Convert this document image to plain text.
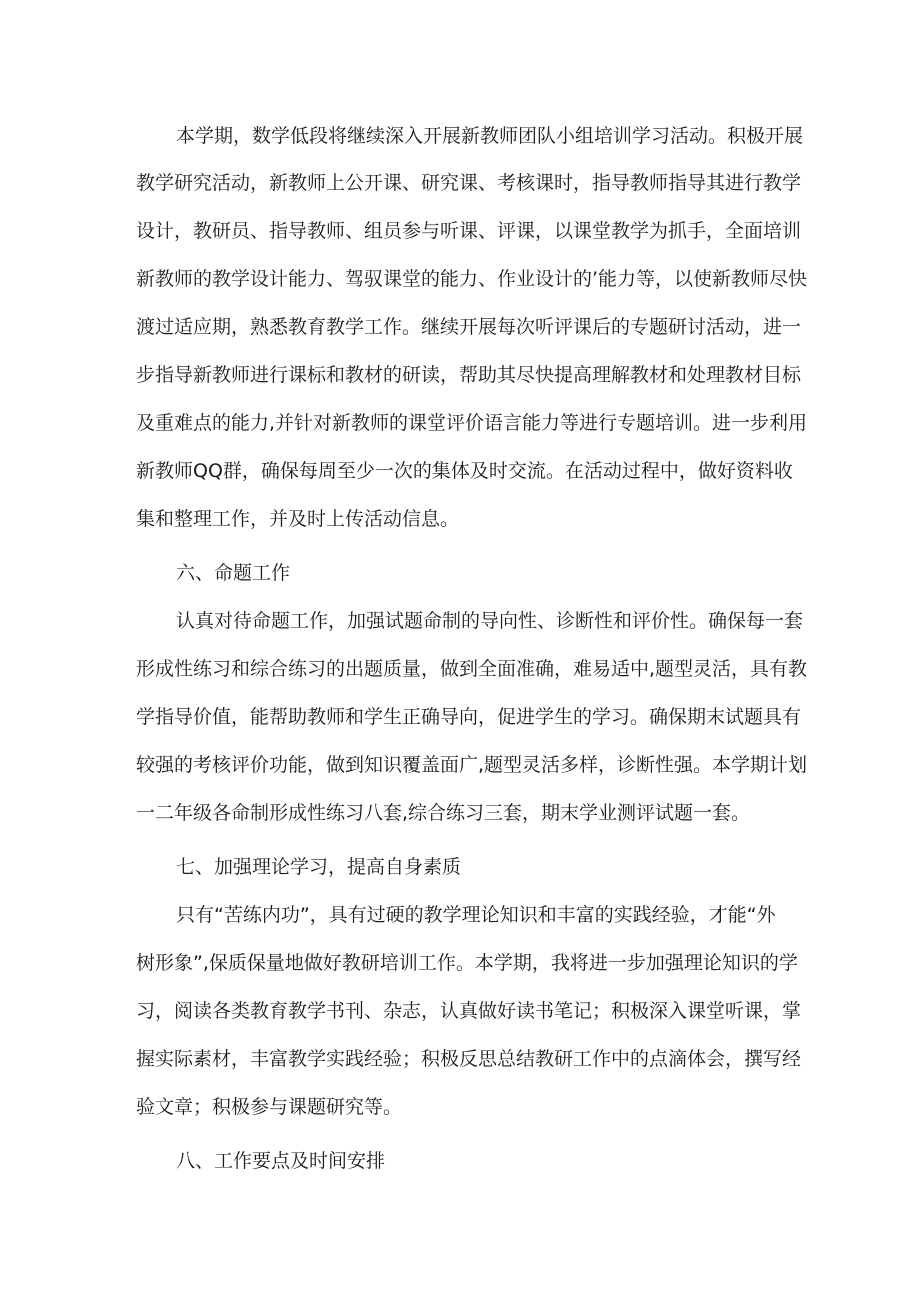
本学期，数学低段将继续深入开展新教师团队小组培训学习活动。积极开展
教学研究活动，新教师上公开课、研究课、考核课时，指导教师指导其进行教学
设计，教研员、指导教师、组员参与听课、评课，以课堂教学为抓手，全面培训
新教师的教学设计能力、驾驭课堂的能力、作业设计的’能力等，以使新教师尽快
渡过适应期，熟悉教育教学工作。继续开展每次听评课后的专题研讨活动，进一
步指导新教师进行课标和教材的研读，帮助其尽快提高理解教材和处理教材目标
及重难点的能力,并针对新教师的课堂评价语言能力等进行专题培训。进一步利用
新教师QQ群，确保每周至少一次的集体及时交流。在活动过程中，做好资料收
集和整理工作，并及时上传活动信息。
六、命题工作
认真对待命题工作，加强试题命制的导向性、诊断性和评价性。确保每一套
形成性练习和综合练习的出题质量，做到全面准确，难易适中,题型灵活，具有教
学指导价值，能帮助教师和学生正确导向，促进学生的学习。确保期末试题具有
较强的考核评价功能，做到知识覆盖面广,题型灵活多样，诊断性强。本学期计划
一二年级各命制形成性练习八套,综合练习三套，期末学业测评试题一套。
七、加强理论学习，提高自身素质
只有“苦练内功”，具有过硬的教学理论知识和丰富的实践经验，才能“外
树形象”,保质保量地做好教研培训工作。本学期，我将进一步加强理论知识的学
习，阅读各类教育教学书刊、杂志，认真做好读书笔记；积极深入课堂听课，掌
握实际素材，丰富教学实践经验；积极反思总结教研工作中的点滴体会，撰写经
验文章；积极参与课题研究等。
八、工作要点及时间安排
